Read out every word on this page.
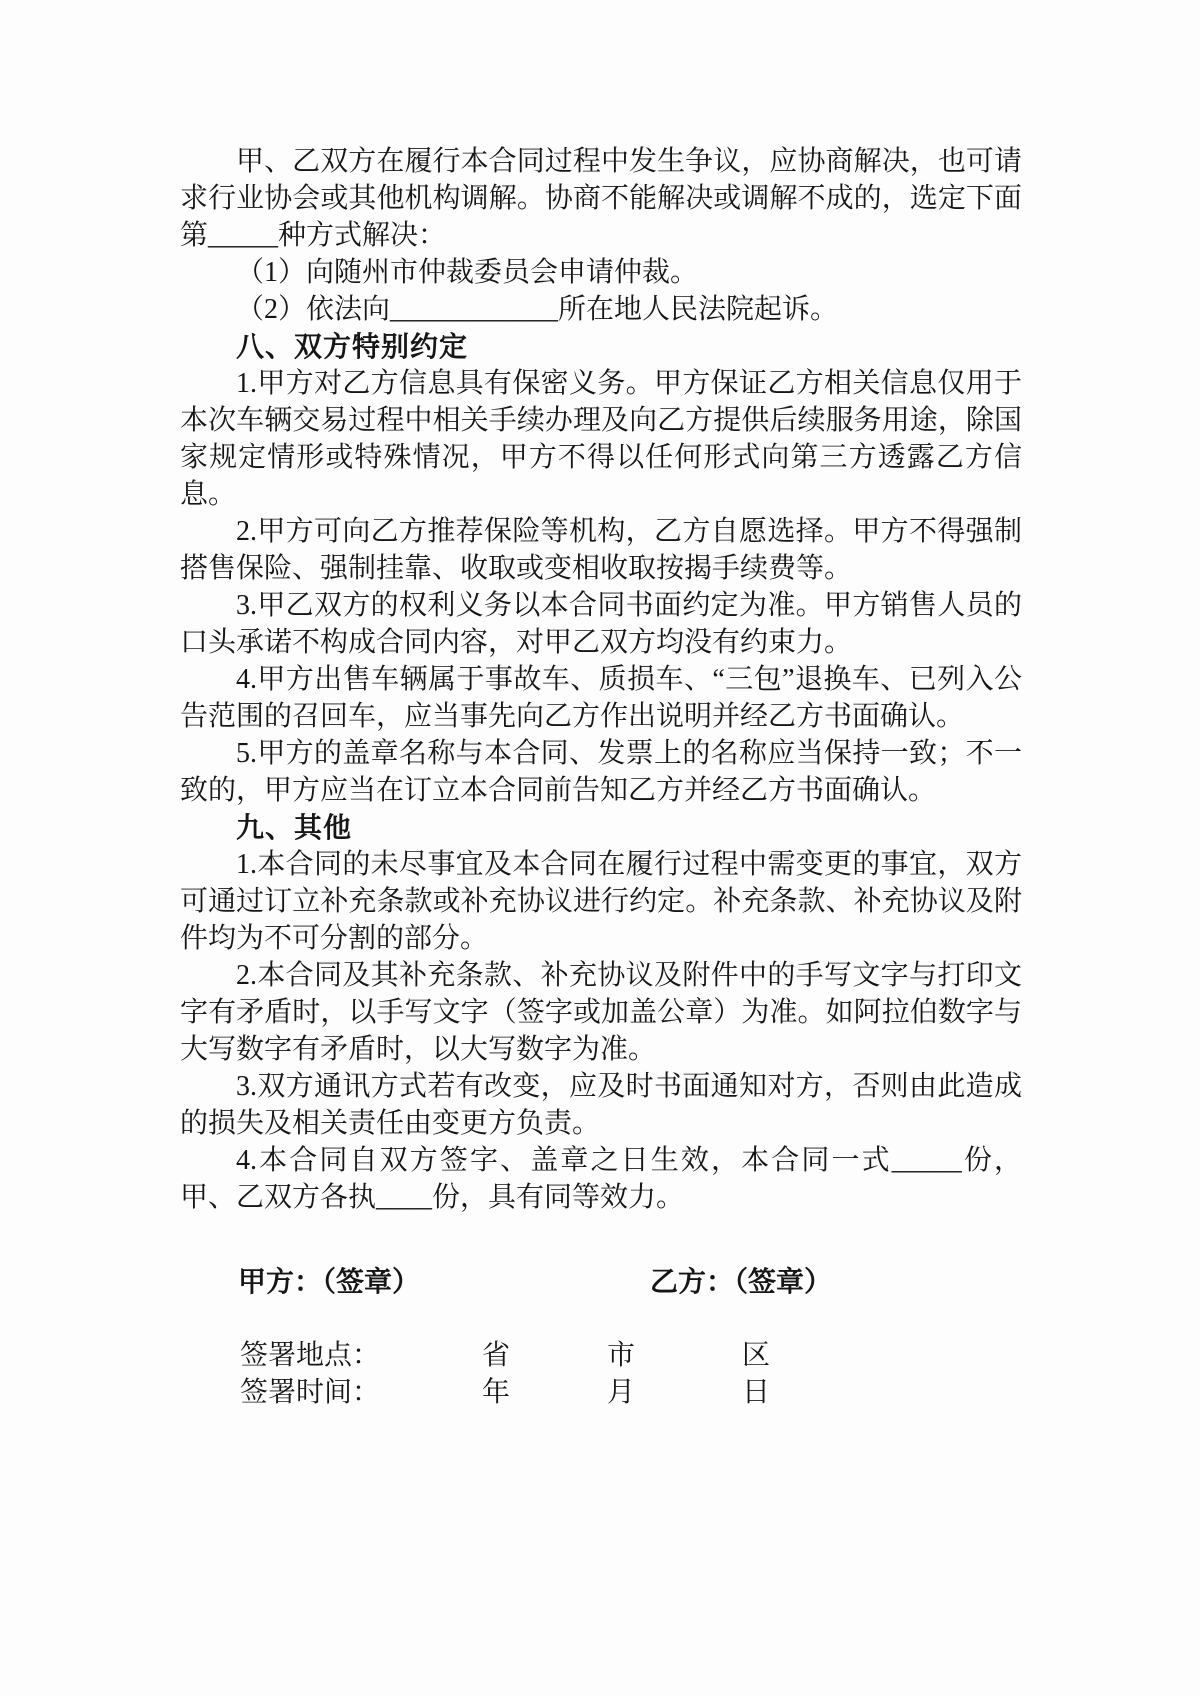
甲、乙双方在履行本合同过程中发生争议，应协商解决，也可请求行业协会或其他机构调解。协商不能解决或调解不成的，选定下面第_____种方式解决：

（1）向随州市仲裁委员会申请仲裁。

（2）依法向____________所在地人民法院起诉。

八、双方特别约定

1.甲方对乙方信息具有保密义务。甲方保证乙方相关信息仅用于本次车辆交易过程中相关手续办理及向乙方提供后续服务用途，除国家规定情形或特殊情况，甲方不得以任何形式向第三方透露乙方信息。

2.甲方可向乙方推荐保险等机构，乙方自愿选择。甲方不得强制搭售保险、强制挂靠、收取或变相收取按揭手续费等。

3.甲乙双方的权利义务以本合同书面约定为准。甲方销售人员的口头承诺不构成合同内容，对甲乙双方均没有约束力。

4.甲方出售车辆属于事故车、质损车、“三包”退换车、已列入公告范围的召回车，应当事先向乙方作出说明并经乙方书面确认。

5.甲方的盖章名称与本合同、发票上的名称应当保持一致；不一致的，甲方应当在订立本合同前告知乙方并经乙方书面确认。

九、其他

1.本合同的未尽事宜及本合同在履行过程中需变更的事宜，双方可通过订立补充条款或补充协议进行约定。补充条款、补充协议及附件均为不可分割的部分。

2.本合同及其补充条款、补充协议及附件中的手写文字与打印文字有矛盾时，以手写文字（签字或加盖公章）为准。如阿拉伯数字与大写数字有矛盾时，以大写数字为准。

3.双方通讯方式若有改变，应及时书面通知对方，否则由此造成的损失及相关责任由变更方负责。

4.本合同自双方签字、盖章之日生效，本合同一式_____份，甲、乙双方各执____份，具有同等效力。

甲方：（签章）	乙方：（签章）
签署地点：	省	市	区
签署时间：	年	月	日
